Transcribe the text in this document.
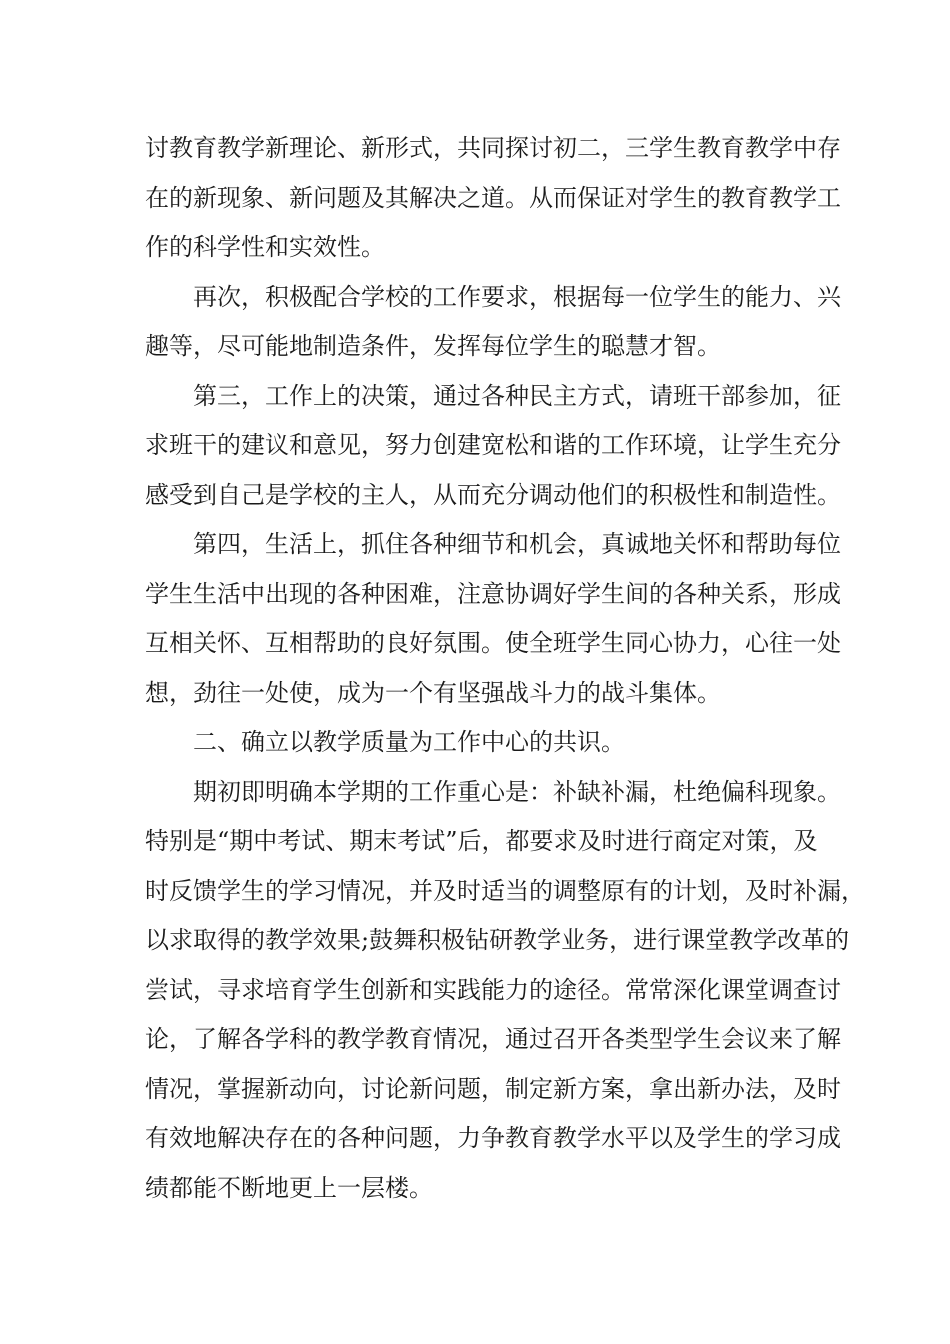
讨教育教学新理论、新形式，共同探讨初二，三学生教育教学中存
在的新现象、新问题及其解决之道。从而保证对学生的教育教学工
作的科学性和实效性。
再次，积极配合学校的工作要求，根据每一位学生的能力、兴
趣等，尽可能地制造条件，发挥每位学生的聪慧才智。
第三，工作上的决策，通过各种民主方式，请班干部参加，征
求班干的建议和意见，努力创建宽松和谐的工作环境，让学生充分
感受到自己是学校的主人，从而充分调动他们的积极性和制造性。
第四，生活上，抓住各种细节和机会，真诚地关怀和帮助每位
学生生活中出现的各种困难，注意协调好学生间的各种关系，形成
互相关怀、互相帮助的良好氛围。使全班学生同心协力，心往一处
想，劲往一处使，成为一个有坚强战斗力的战斗集体。
二、确立以教学质量为工作中心的共识。
期初即明确本学期的工作重心是：补缺补漏，杜绝偏科现象。
特别是“期中考试、期末考试”后，都要求及时进行商定对策，及
时反馈学生的学习情况，并及时适当的调整原有的计划，及时补漏，
以求取得的教学效果;鼓舞积极钻研教学业务，进行课堂教学改革的
尝试，寻求培育学生创新和实践能力的途径。常常深化课堂调查讨
论，了解各学科的教学教育情况，通过召开各类型学生会议来了解
情况，掌握新动向，讨论新问题，制定新方案，拿出新办法，及时
有效地解决存在的各种问题，力争教育教学水平以及学生的学习成
绩都能不断地更上一层楼。
